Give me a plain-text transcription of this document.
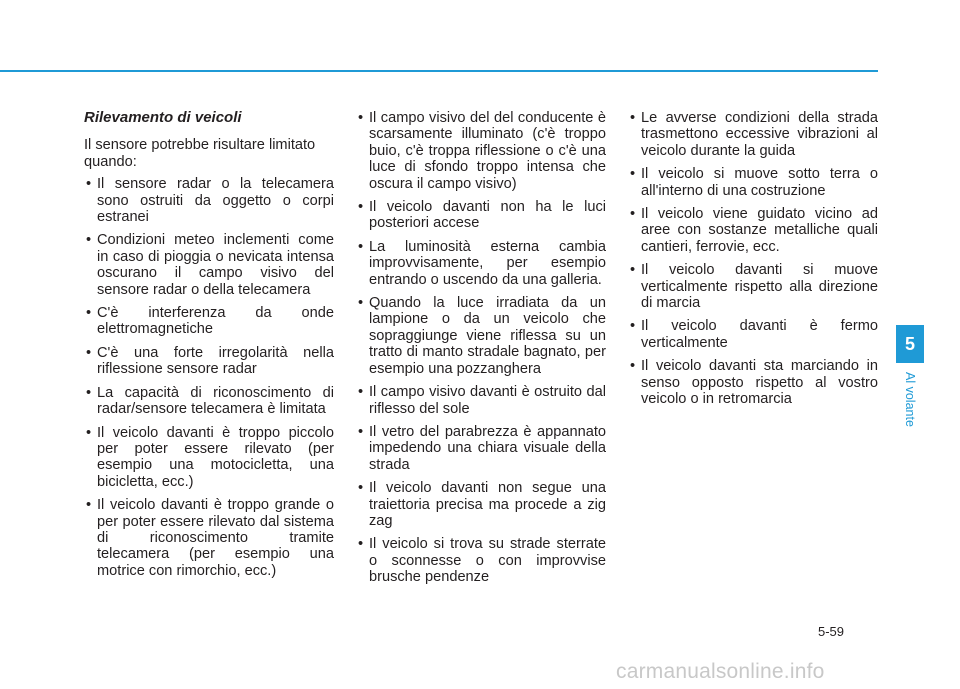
Rilevamento di veicoli
Il sensore potrebbe risultare limitato quando:
• Il sensore radar o la telecamera sono ostruiti da oggetto o corpi estranei
• Condizioni meteo inclementi come in caso di pioggia o nevicata intensa oscurano il campo visivo del sensore radar o della telecamera
• C'è interferenza da onde elettromagnetiche
• C'è una forte irregolarità nella riflessione sensore radar
• La capacità di riconoscimento di radar/sensore telecamera è limitata
• Il veicolo davanti è troppo piccolo per poter essere rilevato (per esempio una motocicletta, una bicicletta, ecc.)
• Il veicolo davanti è troppo grande o per poter essere rilevato dal sistema di riconoscimento tramite telecamera (per esempio una motrice con rimorchio, ecc.)
• Il campo visivo del del conducente è scarsamente illuminato (c'è troppo buio, c'è troppa riflessione o c'è una luce di sfondo troppo intensa che oscura il campo visivo)
• Il veicolo davanti non ha le luci posteriori accese
• La luminosità esterna cambia improvvisamente, per esempio entrando o uscendo da una galleria.
• Quando la luce irradiata da un lampione o da un veicolo che sopraggiunge viene riflessa su un tratto di manto stradale bagnato, per esempio una pozzanghera
• Il campo visivo davanti è ostruito dal riflesso del sole
• Il vetro del parabrezza è appannato impedendo una chiara visuale della strada
• Il veicolo davanti non segue una traiettoria precisa ma procede a zig zag
• Il veicolo si trova su strade sterrate o sconnesse o con improvvise brusche pendenze
• Le avverse condizioni della strada trasmettono eccessive vibrazioni al veicolo durante la guida
• Il veicolo si muove sotto terra o all'interno di una costruzione
• Il veicolo viene guidato vicino ad aree con sostanze metalliche quali cantieri, ferrovie, ecc.
• Il veicolo davanti si muove verticalmente rispetto alla direzione di marcia
• Il veicolo davanti è fermo verticalmente
• Il veicolo davanti sta marciando in senso opposto rispetto al vostro veicolo o in retromarcia
5
Al volante
5-59
carmanualsonline.info
